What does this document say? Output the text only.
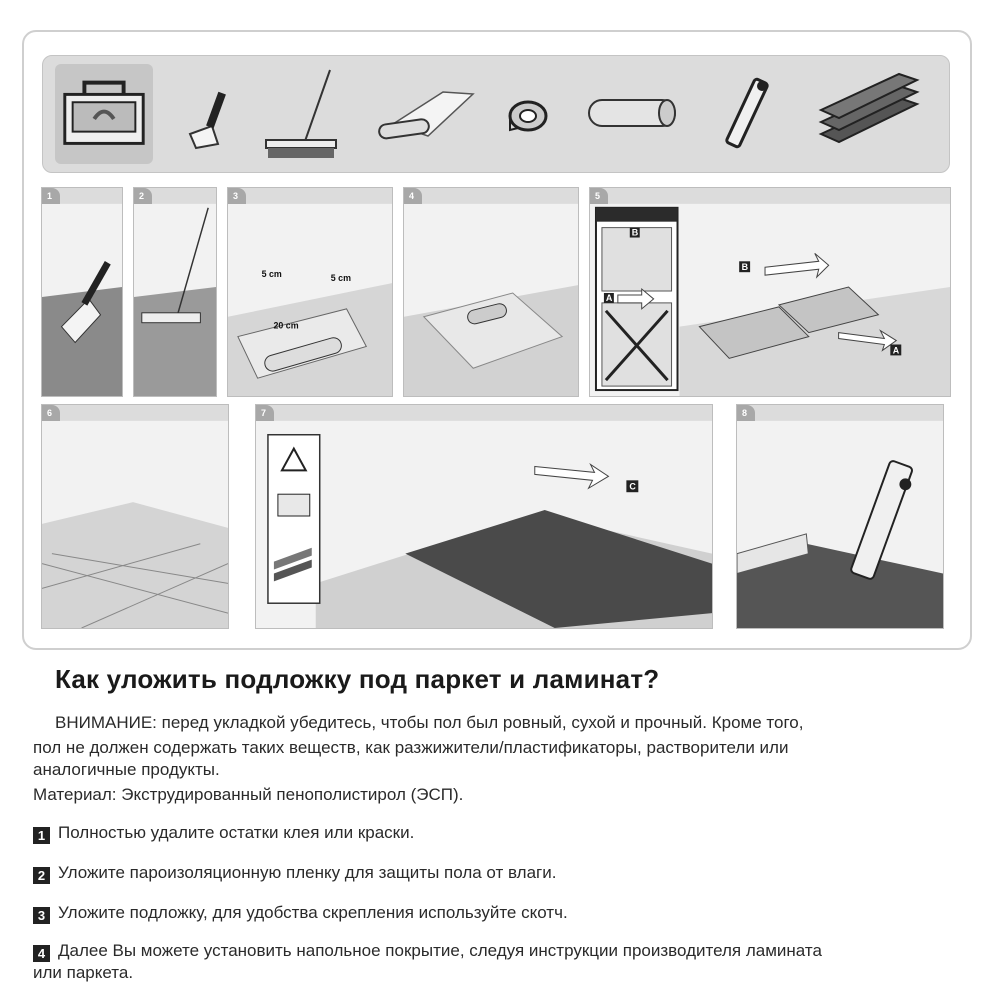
1	2	3
5 cm	5 cm
20 cm
4	5
B
A
A
B
6	7
C
8
Как уложить подложку под паркет и ламинат?
ВНИМАНИЕ: перед укладкой убедитесь, чтобы пол был ровный, сухой и прочный. Кроме того,
пол не должен содержать таких веществ, как разжижители/пластификаторы, растворители или
аналогичные продукты.
Материал: Экструдированный пенополистирол (ЭСП).
1 Полностью удалите остатки клея или краски.
2 Уложите пароизоляционную пленку для защиты пола от влаги.
3 Уложите подложку, для удобства скрепления используйте скотч.
4 Далее Вы можете установить напольное покрытие, следуя инструкции производителя ламината
или паркета.
